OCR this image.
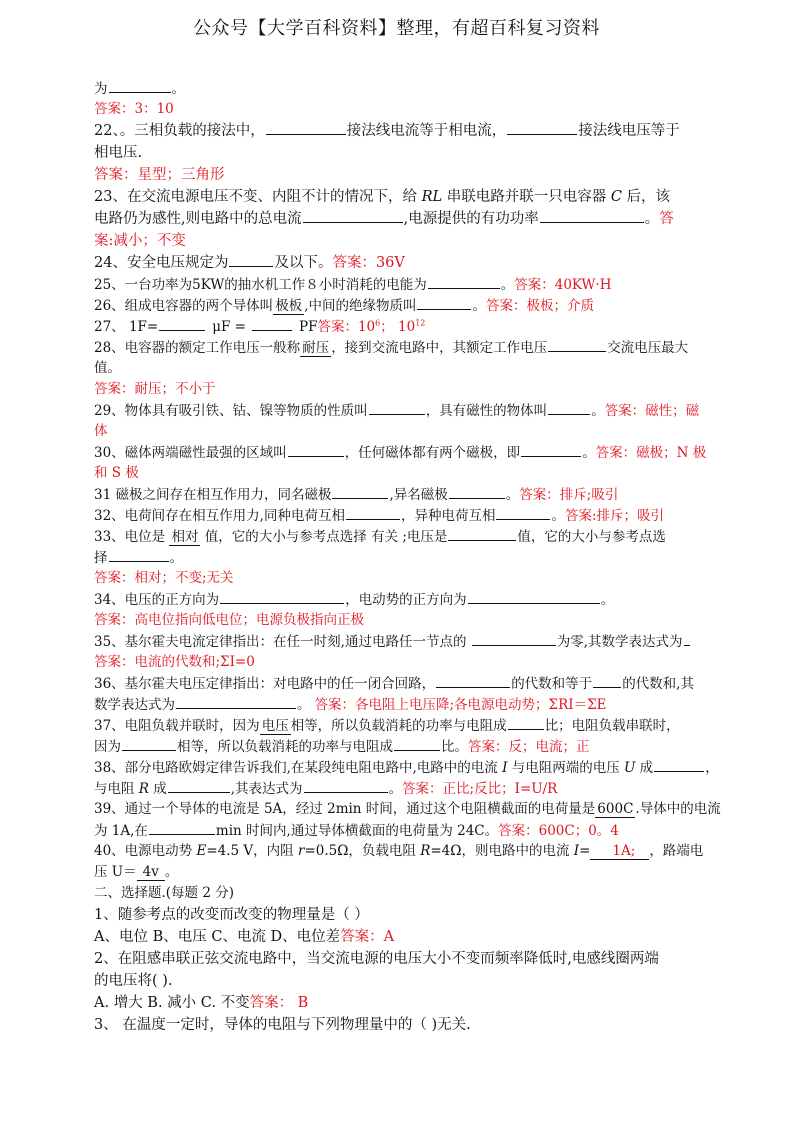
公众号【大学百科资料】整理，有超百科复习资料
为	。
答案：3：10
22、。三相负载的接法中，	接法线电流等于相电流，	接法线电压等于
相电压.
答案：星型；三角形
23、在交流电源电压不变、内阻不计的情况下，给 RL 串联电路并联一只电容器 C 后，该
电路仍为感性,则电路中的总电流	,电源提供的有功功率	。答
案:减小；不变
24、安全电压规定为	及以下。答案：36V
25、一台功率为5KW的抽水机工作８小时消耗的电能为	。答案：40KW·H
26、组成电容器的两个导体叫 极板 ,中间的绝缘物质叫	。答案：极板；介质
27、 1F=	μF =	PF答案：$10^6$； $10^{12}$
28、电容器的额定工作电压一般称 耐压 ，接到交流电路中，其额定工作电压	交流电压最大
值。
答案：耐压；不小于
29、物体具有吸引铁、钴、镍等物质的性质叫	，具有磁性的物体叫	。答案：磁性；磁
体
30、磁体两端磁性最强的区域叫	，任何磁体都有两个磁极，即	。答案：磁极；N 极
和 S 极
31 磁极之间存在相互作用力，同名磁极	,异名磁极	。答案：排斥;吸引
32、电荷间存在相互作用力,同种电荷互相	，异种电荷互相	。答案:排斥；吸引
33、电位是 相对 值，它的大小与参考点选择 有关 ;电压是	值，它的大小与参考点选
择	。
答案：相对；不变;无关
34、电压的正方向为	，电动势的正方向为	。
答案：高电位指向低电位；电源负极指向正极
35、基尔霍夫电流定律指出：在任一时刻,通过电路任一节点的	为零,其数学表达式为
答案：电流的代数和;ΣI=0
36、基尔霍夫电压定律指出：对电路中的任一闭合回路，	的代数和等于 的代数和,其
数学表达式为	。 答案：各电阻上电压降;各电源电动势；ΣRI＝ΣE
37、电阻负载并联时，因为 电压 相等，所以负载消耗的功率与电阻成	比；电阻负载串联时，
因为	相等，所以负载消耗的功率与电阻成	比。答案：反；电流；正
38、部分电路欧姆定律告诉我们,在某段纯电阻电路中,电路中的电流 I 与电阻两端的电压 U 成	，
与电阻 R 成	,其表达式为	。答案：正比;反比；I=U/R
39、通过一个导体的电流是 5A，经过 2min 时间，通过这个电阻横截面的电荷量是 600C .导体中的电流
为 1A,在	min 时间内,通过导体横截面的电荷量为 24C。答案：600C；0。4
40、电源电动势 E=4.5 V，内阻 r=0.5Ω，负载电阻 R=4Ω，则电路中的电流 I= 1A; ，路端电
压 U＝ 4v 。
二、选择题.(每题 2 分)
1、随参考点的改变而改变的物理量是（ ）
A、电位 B、电压 C、电流 D、电位差答案：A
2、在阻感串联正弦交流电路中，当交流电源的电压大小不变而频率降低时,电感线圈两端
的电压将( ).
A. 增大 B. 减小 C. 不变答案： B
3、 在温度一定时，导体的电阻与下列物理量中的（ )无关.
